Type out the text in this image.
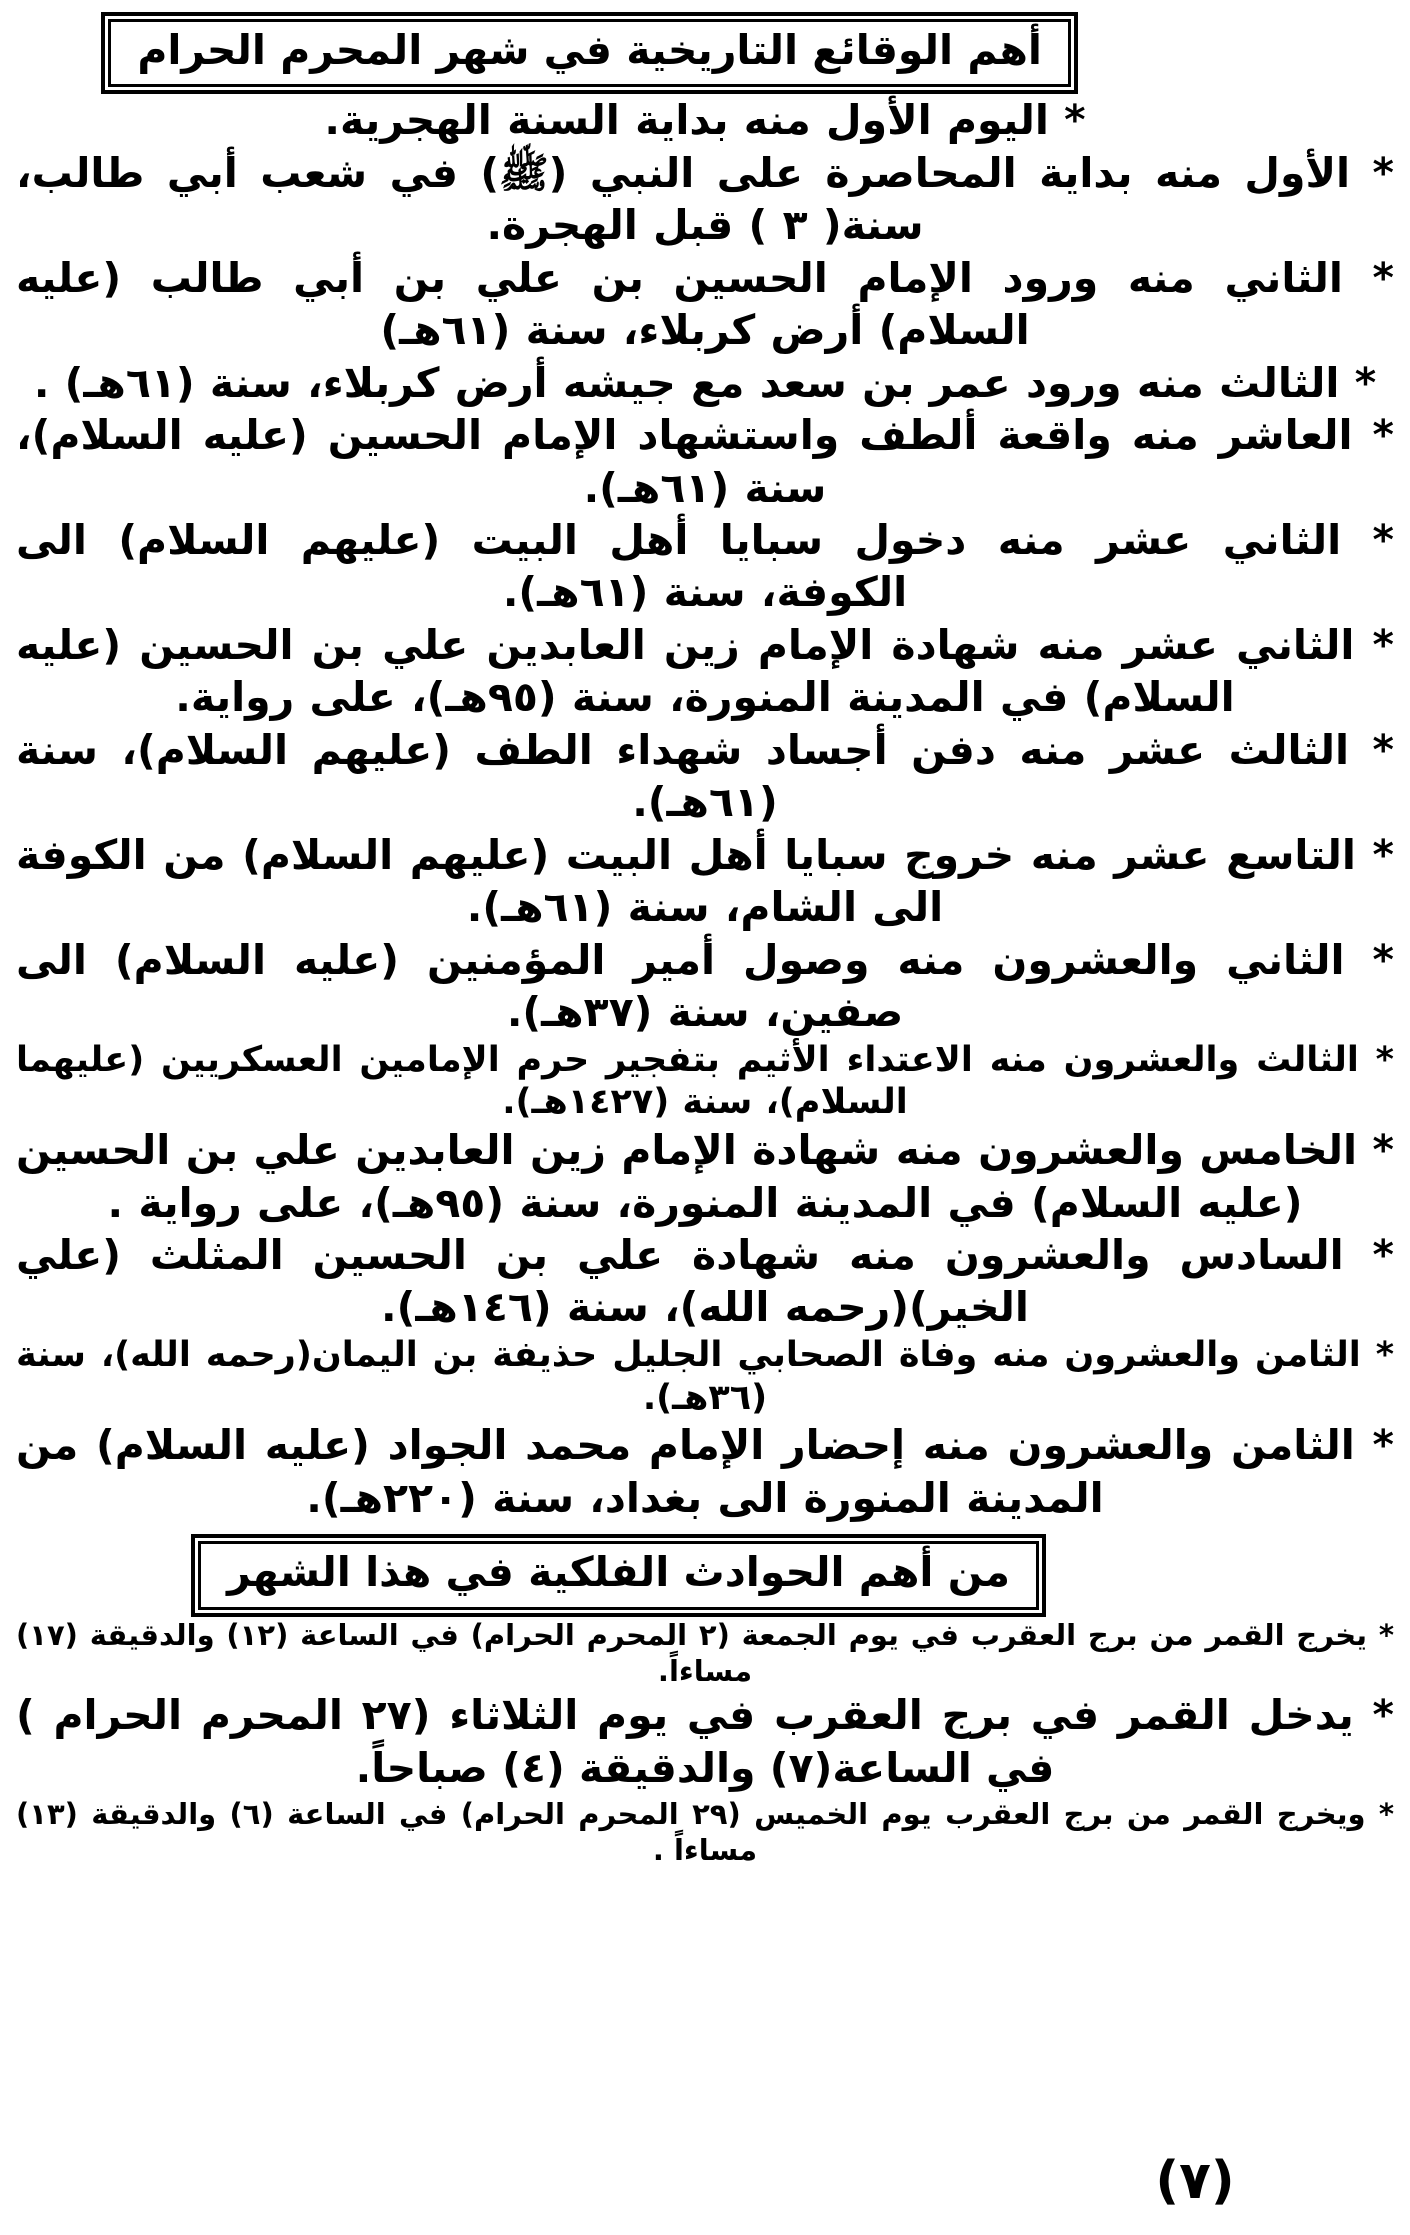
أهم الوقائع التاريخية في شهر المحرم الحرام

* اليوم الأول منه بداية السنة الهجرية.

* الأول منه بداية المحاصرة على النبي (ﷺ) في شعب أبي طالب، سنة( ٣ ) قبل الهجرة.

* الثاني منه ورود الإمام الحسين بن علي بن أبي طالب (عليه السلام) أرض كربلاء، سنة (٦١هـ)

* الثالث منه ورود عمر بن سعد مع جيشه أرض كربلاء، سنة (٦١هـ) .

* العاشر منه واقعة ألطف واستشهاد الإمام الحسين (عليه السلام)، سنة (٦١هـ).

* الثاني عشر منه دخول سبايا أهل البيت (عليهم السلام) الى الكوفة، سنة (٦١هـ).

* الثاني عشر منه شهادة الإمام زين العابدين علي بن الحسين (عليه السلام) في المدينة المنورة، سنة (٩٥هـ)، على رواية.

* الثالث عشر منه دفن أجساد شهداء الطف (عليهم السلام)، سنة (٦١هـ).

* التاسع عشر منه خروج سبايا أهل البيت (عليهم السلام) من الكوفة الى الشام، سنة (٦١هـ).

* الثاني والعشرون منه وصول أمير المؤمنين (عليه السلام) الى صفين، سنة (٣٧هـ).

* الثالث والعشرون منه الاعتداء الأثيم بتفجير حرم الإمامين العسكريين (عليهما السلام)، سنة (١٤٢٧هـ).

* الخامس والعشرون منه شهادة الإمام زين العابدين علي بن الحسين (عليه السلام) في المدينة المنورة، سنة (٩٥هـ)، على رواية .

* السادس والعشرون منه شهادة علي بن الحسين المثلث (علي الخير)(رحمه الله)، سنة (١٤٦هـ).

* الثامن والعشرون منه وفاة الصحابي الجليل حذيفة بن اليمان(رحمه الله)، سنة (٣٦هـ).

* الثامن والعشرون منه إحضار الإمام محمد الجواد (عليه السلام) من المدينة المنورة الى بغداد، سنة (٢٢٠هـ).

من أهم الحوادث الفلكية في هذا الشهر

* يخرج القمر من برج العقرب في يوم الجمعة (٢ المحرم الحرام) في الساعة (١٢) والدقيقة (١٧) مساءاً.

* يدخل القمر في برج العقرب في يوم الثلاثاء (٢٧ المحرم الحرام ) في الساعة(٧) والدقيقة (٤) صباحاً.

* ويخرج القمر من برج العقرب يوم الخميس (٢٩ المحرم الحرام) في الساعة (٦) والدقيقة (١٣) مساءاً .

(٧)
